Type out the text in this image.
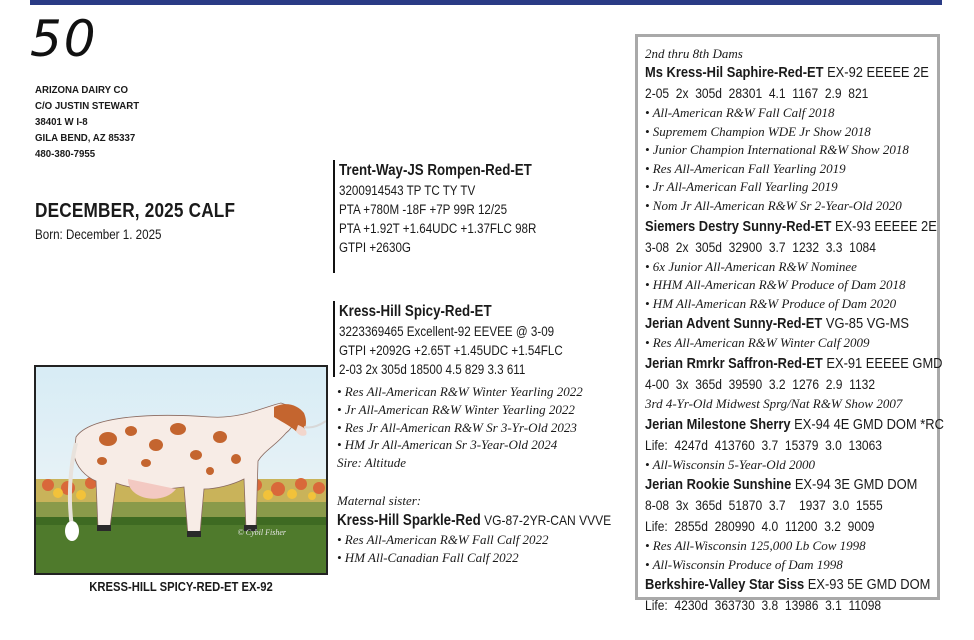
50
ARIZONA DAIRY CO
C/O JUSTIN STEWART
38401 W I-8
GILA BEND, AZ 85337
480-380-7955
DECEMBER, 2025 CALF
Born: December 1. 2025
© Cybil Fisher
KRESS-HILL SPICY-RED-ET EX-92
Trent-Way-JS Rompen-Red-ET
3200914543 TP TC TY TV
PTA +780M -18F +7P 99R 12/25
PTA +1.92T +1.64UDC +1.37FLC 98R
GTPI +2630G
Kress-Hill Spicy-Red-ET
3223369465 Excellent-92 EEVEE @ 3-09
GTPI +2092G +2.65T +1.45UDC +1.54FLC
2-03 2x 305d 18500 4.5 829 3.3 611
• Res All-American R&W Winter Yearling 2022
• Jr All-American R&W Winter Yearling 2022
• Res Jr All-American R&W Sr 3-Yr-Old 2023
• HM Jr All-American Sr 3-Year-Old 2024
Sire: Altitude
Maternal sister:
Kress-Hill Sparkle-Red VG-87-2YR-CAN VVVE
• Res All-American R&W Fall Calf 2022
• HM All-Canadian Fall Calf 2022
2nd thru 8th Dams
Ms Kress-Hil Saphire-Red-ET EX-92 EEEEE 2E
2-05  2x  305d  28301  4.1  1167  2.9  821
• All-American R&W Fall Calf 2018
• Supremem Champion WDE Jr Show 2018
• Junior Champion International R&W Show 2018
• Res All-American Fall Yearling 2019
• Jr All-American Fall Yearling 2019
• Nom Jr All-American R&W Sr 2-Year-Old 2020
Siemers Destry Sunny-Red-ET EX-93 EEEEE 2E
3-08  2x  305d  32900  3.7  1232  3.3  1084
• 6x Junior All-American R&W Nominee
• HHM All-American R&W Produce of Dam 2018
• HM All-American R&W Produce of Dam 2020
Jerian Advent Sunny-Red-ET VG-85 VG-MS
• Res All-American R&W Winter Calf 2009
Jerian Rmrkr Saffron-Red-ET EX-91 EEEEE GMD
4-00  3x  365d  39590  3.2  1276  2.9  1132
3rd 4-Yr-Old Midwest Sprg/Nat R&W Show 2007
Jerian Milestone Sherry EX-94 4E GMD DOM *RC
Life:  4247d  413760  3.7  15379  3.0  13063
• All-Wisconsin 5-Year-Old 2000
Jerian Rookie Sunshine EX-94 3E GMD DOM
8-08  3x  365d  51870  3.7    1937  3.0  1555
Life:  2855d  280990  4.0  11200  3.2  9009
• Res All-Wisconsin 125,000 Lb Cow 1998
• All-Wisconsin Produce of Dam 1998
Berkshire-Valley Star Siss EX-93 5E GMD DOM
Life:  4230d  363730  3.8  13986  3.1  11098
